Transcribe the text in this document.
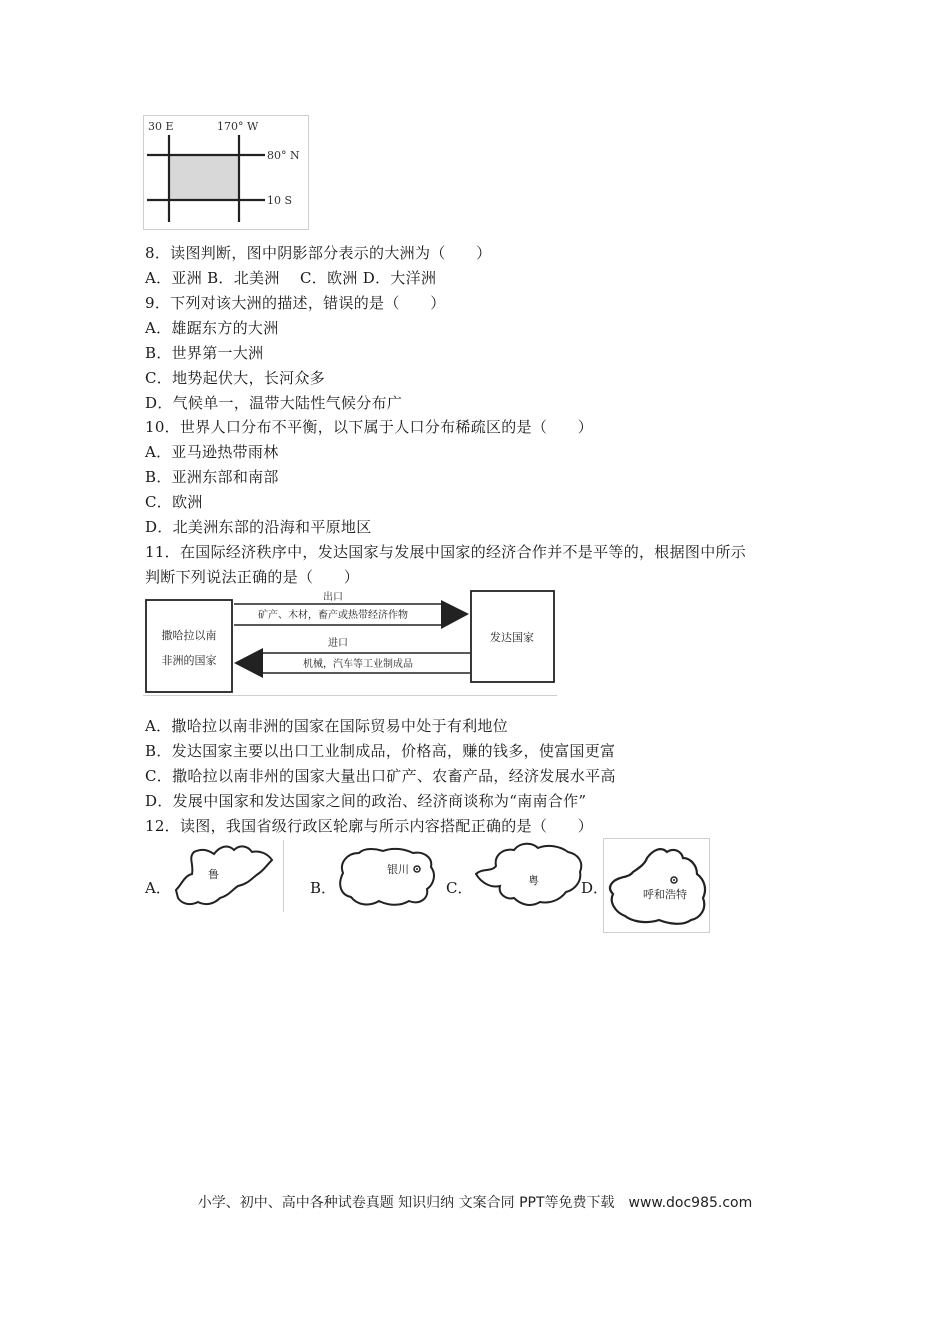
30 E	170° W
80° N
10 S
8．读图判断，图中阴影部分表示的大洲为（　　）
A．亚洲 B．北美洲　 C．欧洲 D．大洋洲
9．下列对该大洲的描述，错误的是（　　）
A．雄踞东方的大洲
B．世界第一大洲
C．地势起伏大，长河众多
D．气候单一，温带大陆性气候分布广
10．世界人口分布不平衡，以下属于人口分布稀疏区的是（　　）
A．亚马逊热带雨林
B．亚洲东部和南部
C．欧洲
D．北美洲东部的沿海和平原地区
11．在国际经济秩序中，发达国家与发展中国家的经济合作并不是平等的，根据图中所示
判断下列说法正确的是（　　）
撒哈拉以南
非洲的国家
发达国家
出口
矿产、木材，畜产或热带经济作物
进口
机械，汽车等工业制成品
A．撒哈拉以南非洲的国家在国际贸易中处于有利地位
B．发达国家主要以出口工业制成品，价格高，赚的钱多，使富国更富
C．撒哈拉以南非州的国家大量出口矿产、农畜产品，经济发展水平高
D．发展中国家和发达国家之间的政治、经济商谈称为“南南合作”
12．读图，我国省级行政区轮廓与所示内容搭配正确的是（　　）
A．
鲁
B．
银川
C．	粤	D．	呼和浩特
小学、初中、高中各种试卷真题 知识归纳 文案合同 PPT等免费下载　www.doc985.com
